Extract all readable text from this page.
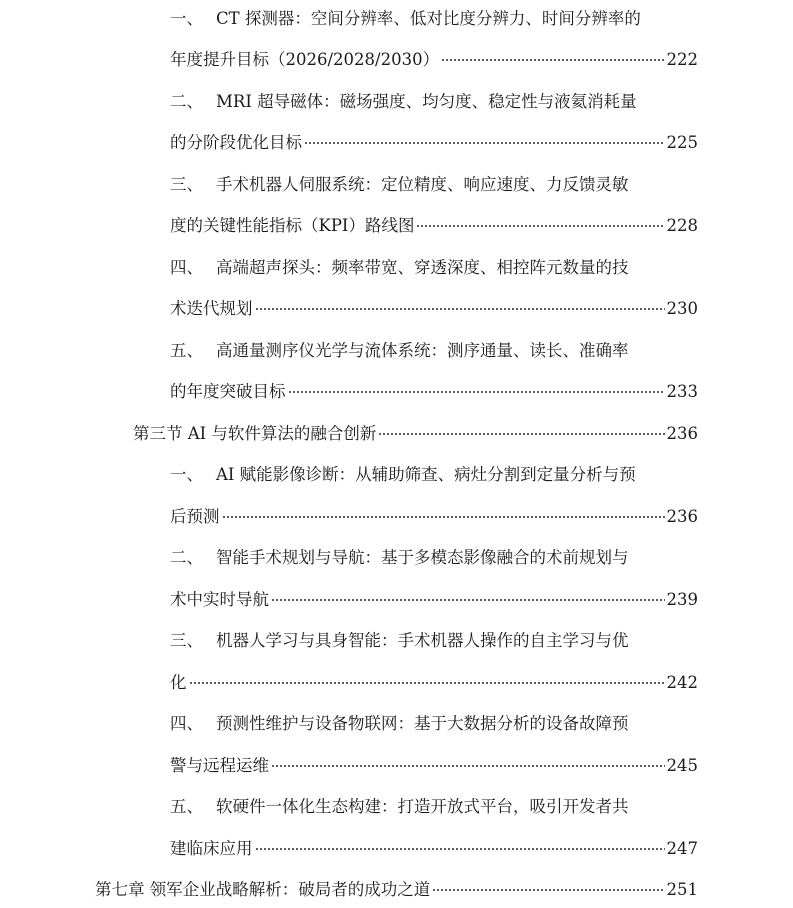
一、 CT 探测器：空间分辨率、低对比度分辨力、时间分辨率的
年度提升目标（2026/2028/2030）	222
二、 MRI 超导磁体：磁场强度、均匀度、稳定性与液氦消耗量
的分阶段优化目标	225
三、 手术机器人伺服系统：定位精度、响应速度、力反馈灵敏
度的关键性能指标（KPI）路线图	228
四、 高端超声探头：频率带宽、穿透深度、相控阵元数量的技
术迭代规划	230
五、 高通量测序仪光学与流体系统：测序通量、读长、准确率
的年度突破目标	233
第三节 AI 与软件算法的融合创新	236
一、 AI 赋能影像诊断：从辅助筛查、病灶分割到定量分析与预
后预测	236
二、 智能手术规划与导航：基于多模态影像融合的术前规划与
术中实时导航	239
三、 机器人学习与具身智能：手术机器人操作的自主学习与优
化	242
四、 预测性维护与设备物联网：基于大数据分析的设备故障预
警与远程运维	245
五、 软硬件一体化生态构建：打造开放式平台，吸引开发者共
建临床应用	247
第七章 领军企业战略解析：破局者的成功之道	251
